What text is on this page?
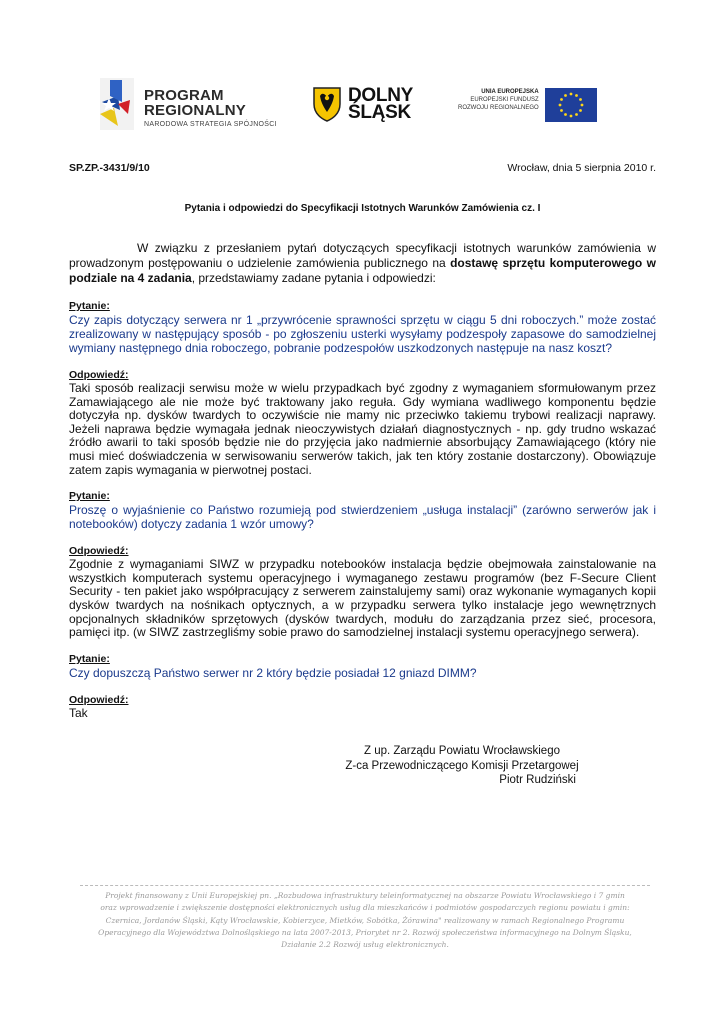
PROGRAM
REGIONALNY
NARODOWA STRATEGIA SPÓJNOŚCI
DOLNY
ŚLĄSK
UNIA EUROPEJSKA
EUROPEJSKI FUNDUSZ
ROZWOJU REGIONALNEGO
SP.ZP.-3431/9/10	Wrocław, dnia 5 sierpnia 2010 r.
Pytania i odpowiedzi do Specyfikacji Istotnych Warunków Zamówienia cz. I
W związku z przesłaniem pytań dotyczących specyfikacji istotnych warunków zamówienia w prowadzonym postępowaniu o udzielenie zamówienia publicznego na dostawę sprzętu komputerowego w podziale na 4 zadania, przedstawiamy zadane pytania i odpowiedzi:
Pytanie:
Czy zapis dotyczący serwera nr 1 „przywrócenie sprawności sprzętu w ciągu 5 dni roboczych.” może zostać zrealizowany w następujący sposób - po zgłoszeniu usterki wysyłamy podzespoły zapasowe do samodzielnej wymiany następnego dnia roboczego, pobranie podzespołów uszkodzonych następuje na nasz koszt?
Odpowiedź:
Taki sposób realizacji serwisu może w wielu przypadkach być zgodny z wymaganiem sformułowanym przez Zamawiającego ale nie może być traktowany jako reguła. Gdy wymiana wadliwego komponentu będzie dotyczyła np. dysków twardych to oczywiście nie mamy nic przeciwko takiemu trybowi realizacji naprawy. Jeżeli naprawa będzie wymagała jednak nieoczywistych działań diagnostycznych - np. gdy trudno wskazać źródło awarii to taki sposób będzie nie do przyjęcia jako nadmiernie absorbujący Zamawiającego (który nie musi mieć doświadczenia w serwisowaniu serwerów takich, jak ten który zostanie dostarczony). Obowiązuje zatem zapis wymagania w pierwotnej postaci.
Pytanie:
Proszę o wyjaśnienie co Państwo rozumieją pod stwierdzeniem „usługa instalacji” (zarówno serwerów jak i notebooków) dotyczy zadania 1 wzór umowy?
Odpowiedź:
Zgodnie z wymaganiami SIWZ w przypadku notebooków instalacja będzie obejmowała zainstalowanie na wszystkich komputerach systemu operacyjnego i wymaganego zestawu programów (bez F-Secure Client Security - ten pakiet jako współpracujący z serwerem zainstalujemy sami) oraz wykonanie wymaganych kopii dysków twardych na nośnikach optycznych, a w przypadku serwera tylko instalacje jego wewnętrznych opcjonalnych składników sprzętowych (dysków twardych, modułu do zarządzania przez sieć, procesora, pamięci itp. (w SIWZ zastrzegliśmy sobie prawo do samodzielnej instalacji systemu operacyjnego serwera).
Pytanie:
Czy dopuszczą Państwo serwer nr 2 który będzie posiadał 12 gniazd DIMM?
Odpowiedź:
Tak
Z up. Zarządu Powiatu Wrocławskiego
Z-ca Przewodniczącego Komisji Przetargowej
Piotr Rudziński
Projekt finansowany z Unii Europejskiej pn. „Rozbudowa infrastruktury teleinformatycznej na obszarze Powiatu Wrocławskiego i 7 gmin
oraz wprowadzenie i zwiększenie dostępności elektronicznych usług dla mieszkańców i podmiotów gospodarczych regionu powiatu i gmin:
Czernica, Jordanów Śląski, Kąty Wrocławskie, Kobierzyce, Mietków, Sobótka, Żórawina" realizowany w ramach Regionalnego Programu
Operacyjnego dla Województwa Dolnośląskiego na lata 2007-2013, Priorytet nr 2. Rozwój społeczeństwa informacyjnego na Dolnym Śląsku,
Działanie 2.2 Rozwój usług elektronicznych.
